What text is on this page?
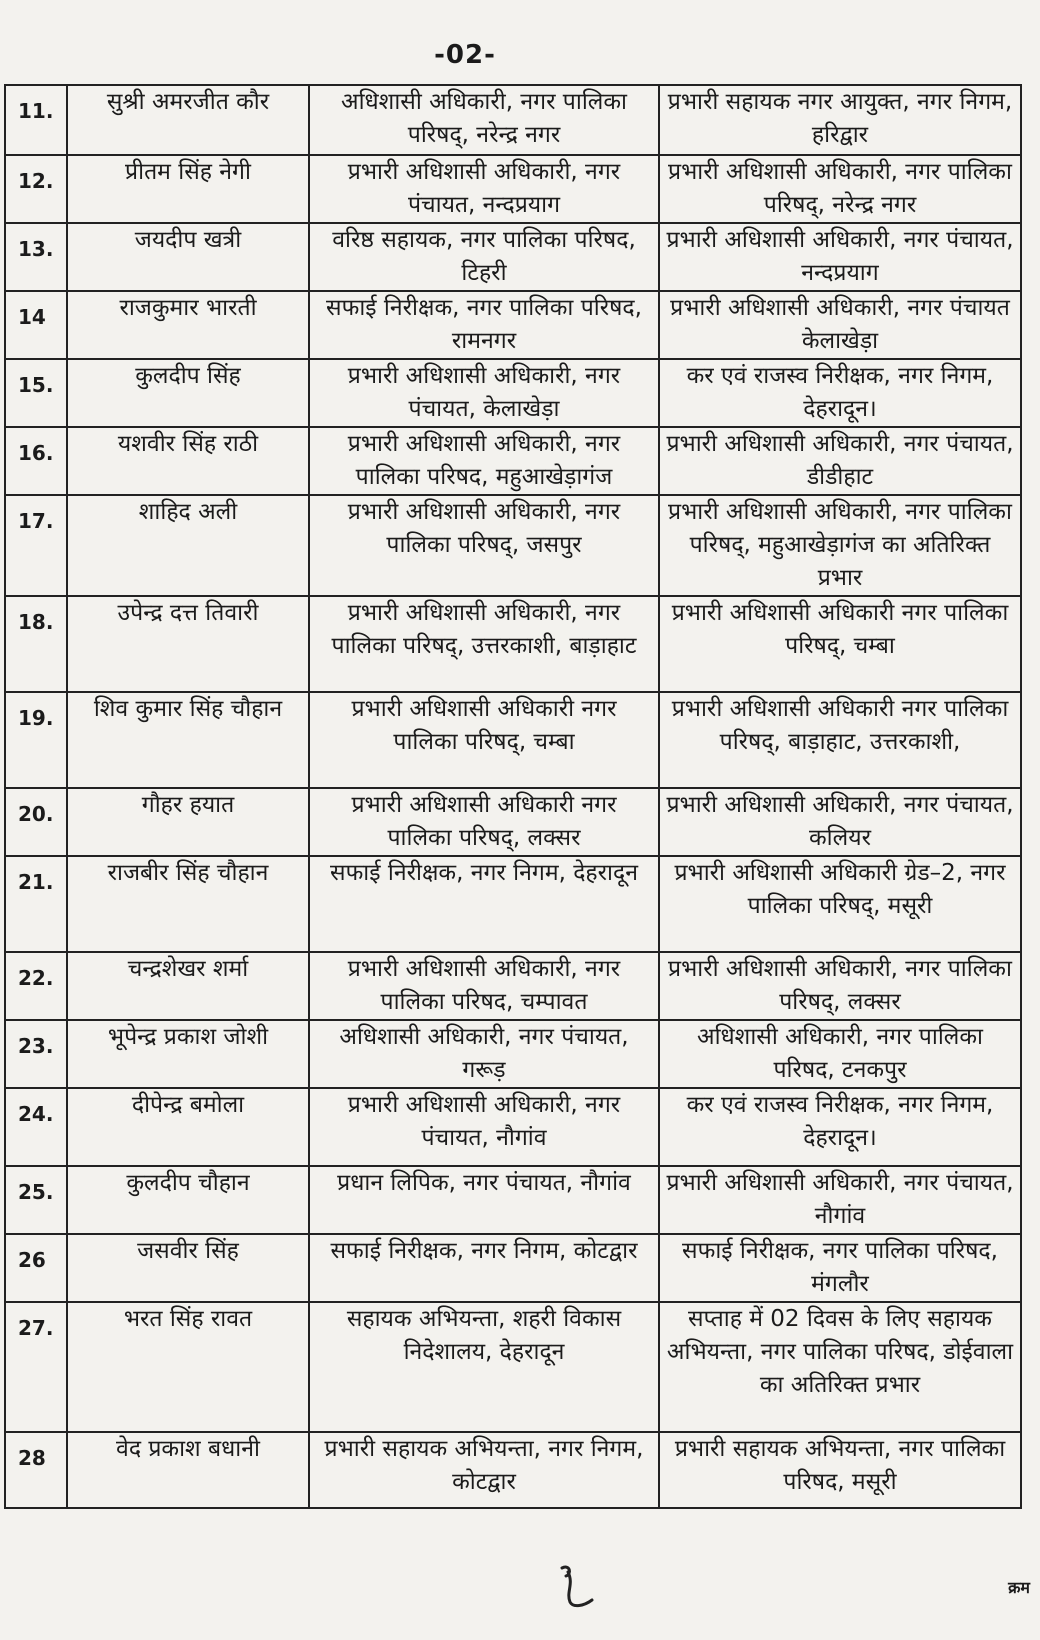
-02-
11.	सुश्री अमरजीत कौर	अधिशासी अधिकारी, नगर पालिका परिषद्, नरेन्द्र नगर	प्रभारी सहायक नगर आयुक्त, नगर निगम, हरिद्वार
12.	प्रीतम सिंह नेगी	प्रभारी अधिशासी अधिकारी, नगर पंचायत, नन्दप्रयाग	प्रभारी अधिशासी अधिकारी, नगर पालिका परिषद्, नरेन्द्र नगर
13.	जयदीप खत्री	वरिष्ठ सहायक, नगर पालिका परिषद, टिहरी	प्रभारी अधिशासी अधिकारी, नगर पंचायत, नन्दप्रयाग
14	राजकुमार भारती	सफाई निरीक्षक, नगर पालिका परिषद, रामनगर	प्रभारी अधिशासी अधिकारी, नगर पंचायत केलाखेड़ा
15.	कुलदीप सिंह	प्रभारी अधिशासी अधिकारी, नगर पंचायत, केलाखेड़ा	कर एवं राजस्व निरीक्षक, नगर निगम, देहरादून।
16.	यशवीर सिंह राठी	प्रभारी अधिशासी अधिकारी, नगर पालिका परिषद, महुआखेड़ागंज	प्रभारी अधिशासी अधिकारी, नगर पंचायत, डीडीहाट
17.	शाहिद अली	प्रभारी अधिशासी अधिकारी, नगर पालिका परिषद्, जसपुर	प्रभारी अधिशासी अधिकारी, नगर पालिका परिषद्, महुआखेड़ागंज का अतिरिक्त प्रभार
18.	उपेन्द्र दत्त तिवारी	प्रभारी अधिशासी अधिकारी, नगर पालिका परिषद्, उत्तरकाशी, बाड़ाहाट	प्रभारी अधिशासी अधिकारी नगर पालिका परिषद्, चम्बा
19.	शिव कुमार सिंह चौहान	प्रभारी अधिशासी अधिकारी नगर पालिका परिषद्, चम्बा	प्रभारी अधिशासी अधिकारी नगर पालिका परिषद्, बाड़ाहाट, उत्तरकाशी,
20.	गौहर हयात	प्रभारी अधिशासी अधिकारी नगर पालिका परिषद्, लक्सर	प्रभारी अधिशासी अधिकारी, नगर पंचायत, कलियर
21.	राजबीर सिंह चौहान	सफाई निरीक्षक, नगर निगम, देहरादून	प्रभारी अधिशासी अधिकारी ग्रेड–2, नगर पालिका परिषद्, मसूरी
22.	चन्द्रशेखर शर्मा	प्रभारी अधिशासी अधिकारी, नगर पालिका परिषद, चम्पावत	प्रभारी अधिशासी अधिकारी, नगर पालिका परिषद्, लक्सर
23.	भूपेन्द्र प्रकाश जोशी	अधिशासी अधिकारी, नगर पंचायत, गरूड़	अधिशासी अधिकारी, नगर पालिका परिषद, टनकपुर
24.	दीपेन्द्र बमोला	प्रभारी अधिशासी अधिकारी, नगर पंचायत, नौगांव	कर एवं राजस्व निरीक्षक, नगर निगम, देहरादून।
25.	कुलदीप चौहान	प्रधान लिपिक, नगर पंचायत, नौगांव	प्रभारी अधिशासी अधिकारी, नगर पंचायत, नौगांव
26	जसवीर सिंह	सफाई निरीक्षक, नगर निगम, कोटद्वार	सफाई निरीक्षक, नगर पालिका परिषद, मंगलौर
27.	भरत सिंह रावत	सहायक अभियन्ता, शहरी विकास निदेशालय, देहरादून	सप्ताह में 02 दिवस के लिए सहायक अभियन्ता, नगर पालिका परिषद, डोईवाला का अतिरिक्त प्रभार
28	वेद प्रकाश बधानी	प्रभारी सहायक अभियन्ता, नगर निगम, कोटद्वार	प्रभारी सहायक अभियन्ता, नगर पालिका परिषद, मसूरी
क्रम
